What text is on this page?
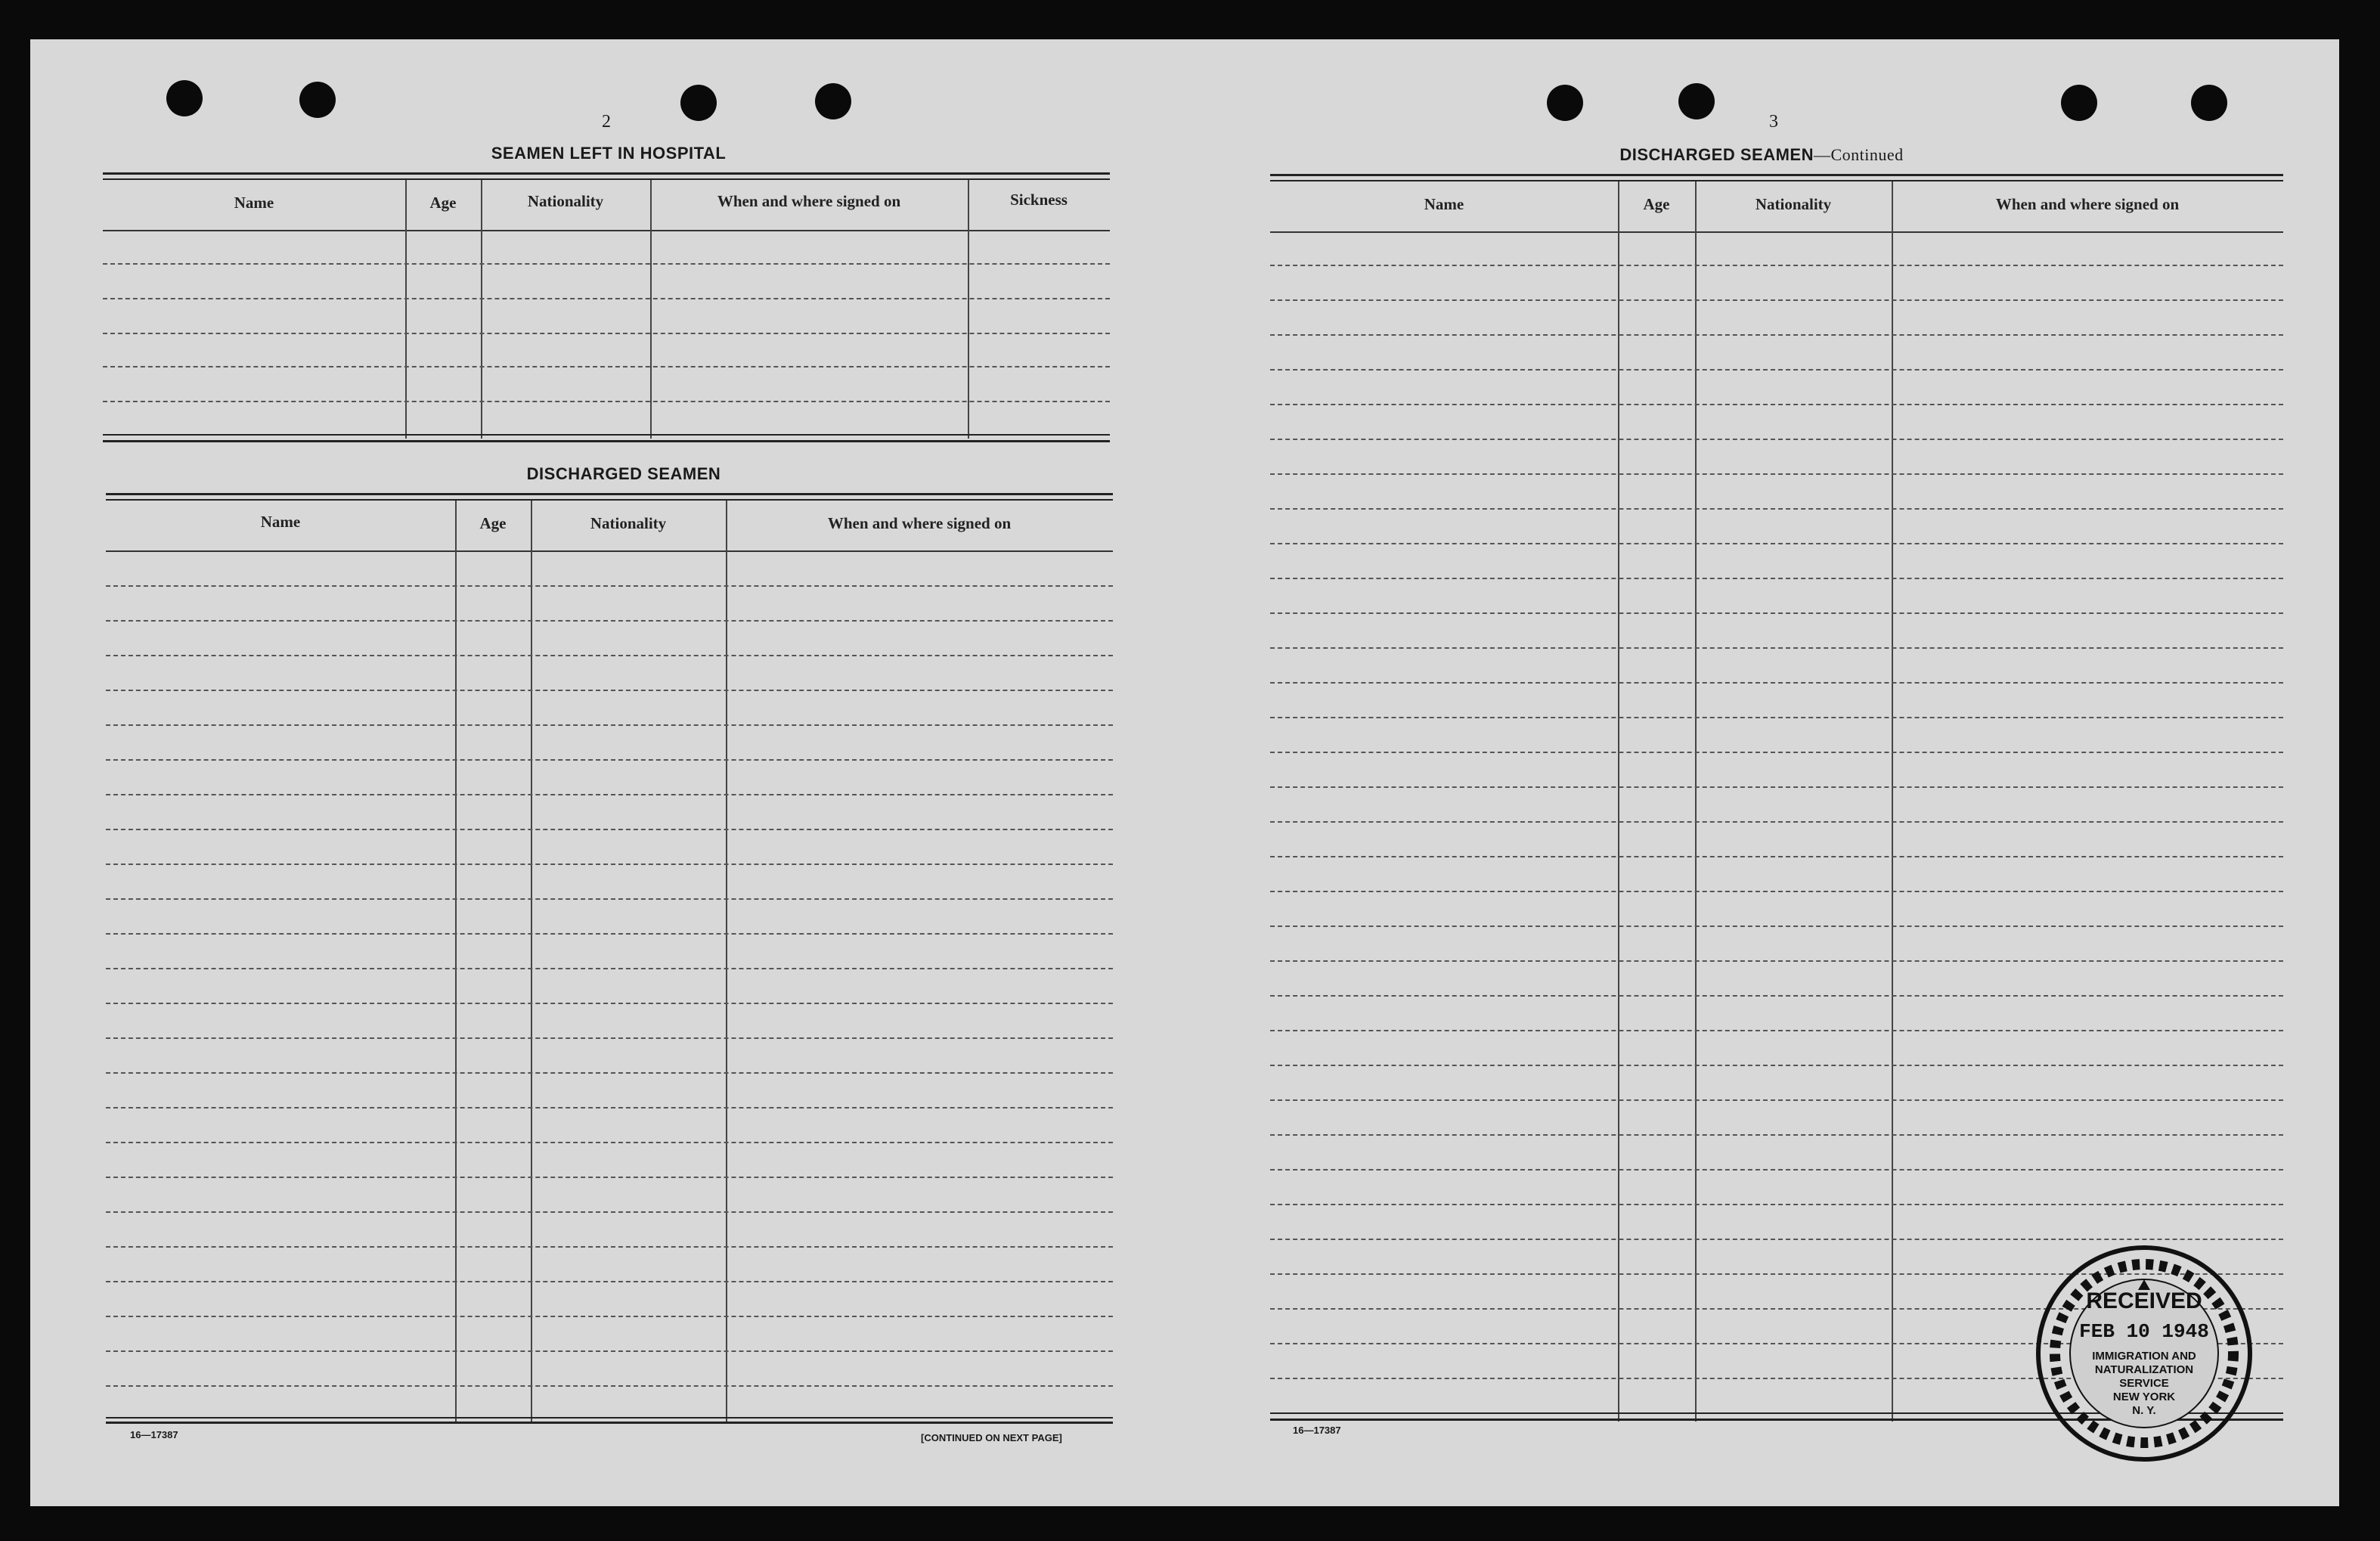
2
SEAMEN LEFT IN HOSPITAL
Name	Age	Nationality	When and where signed on	Sickness
DISCHARGED SEAMEN
Name	Age	Nationality	When and where signed on
16—17387	[CONTINUED ON NEXT PAGE]
3
DISCHARGED SEAMEN—Continued
Name	Age	Nationality	When and where signed on
16—17387
RECEIVED
FEB 10 1948
IMMIGRATION AND
NATURALIZATION
SERVICE
NEW YORK
N. Y.
